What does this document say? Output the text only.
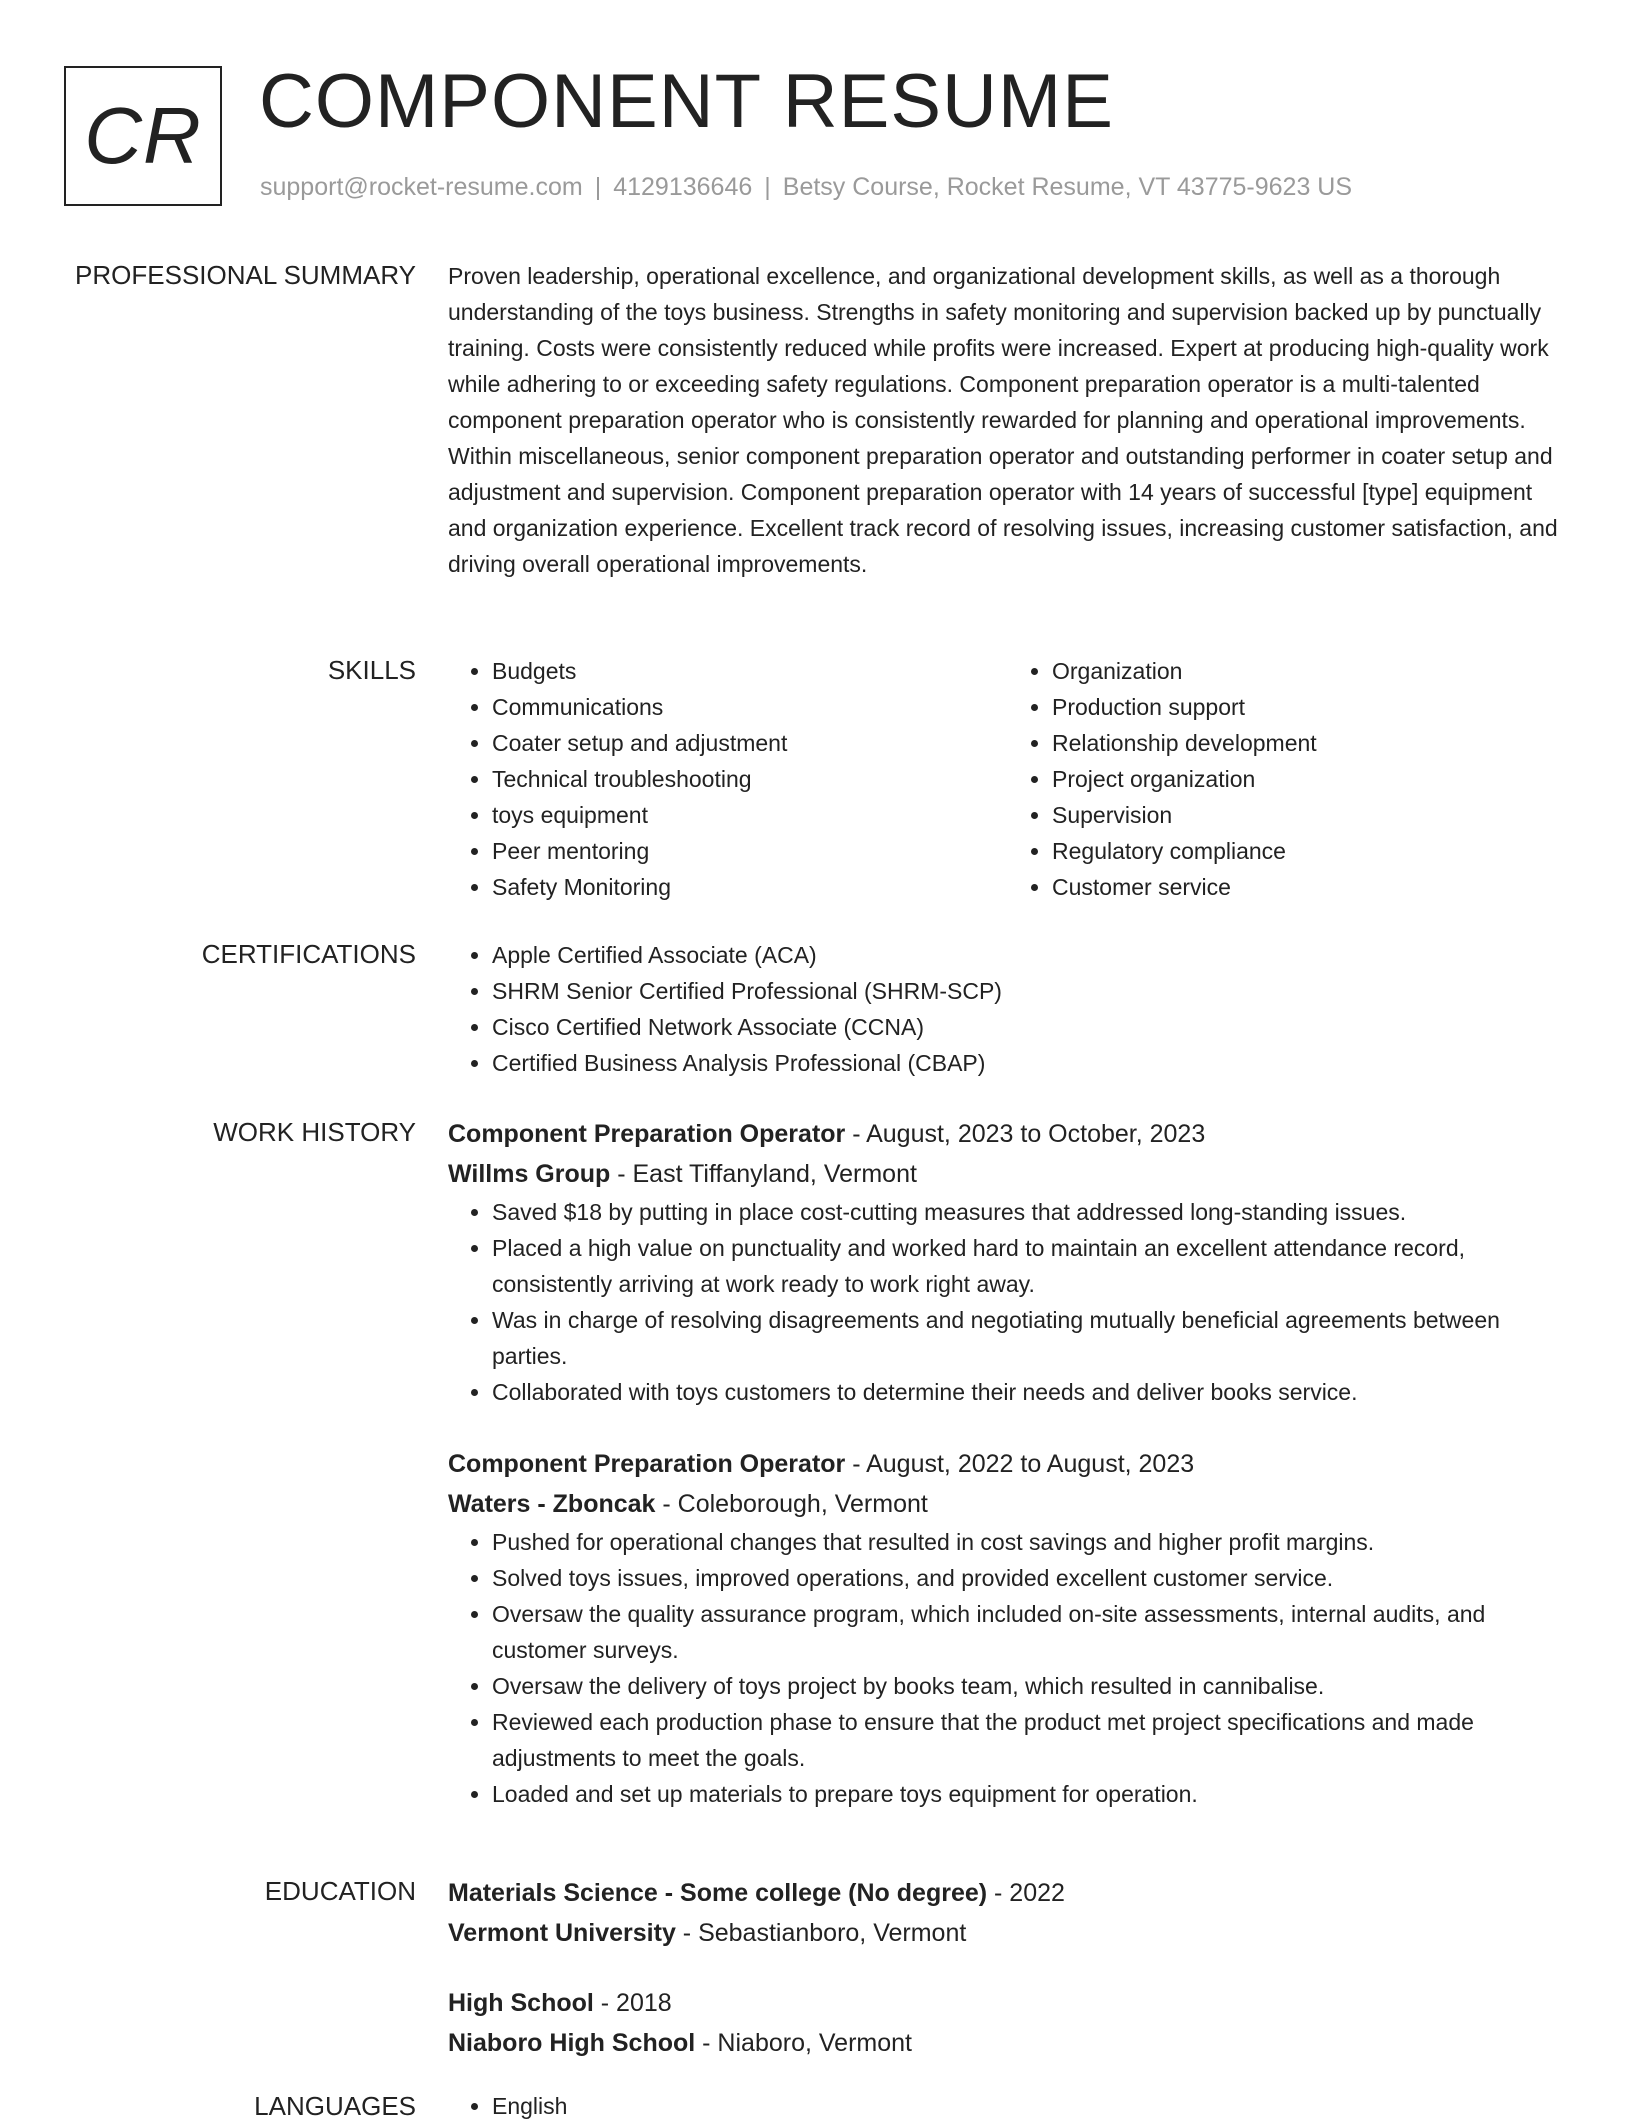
CR COMPONENT RESUME
support@rocket-resume.com | 4129136646 | Betsy Course, Rocket Resume, VT 43775-9623 US
PROFESSIONAL SUMMARY Proven leadership, operational excellence, and organizational development skills, as well as a thorough understanding of the toys business. Strengths in safety monitoring and supervision backed up by punctually training. Costs were consistently reduced while profits were increased. Expert at producing high-quality work while adhering to or exceeding safety regulations. Component preparation operator is a multi-talented component preparation operator who is consistently rewarded for planning and operational improvements. Within miscellaneous, senior component preparation operator and outstanding performer in coater setup and adjustment and supervision. Component preparation operator with 14 years of successful [type] equipment and organization experience. Excellent track record of resolving issues, increasing customer satisfaction, and driving overall operational improvements.

SKILLS	• Budgets
• Communications
• Coater setup and adjustment
• Technical troubleshooting
• toys equipment
• Peer mentoring
• Safety Monitoring
• Organization
• Production support
• Relationship development
• Project organization
• Supervision
• Regulatory compliance
• Customer service
CERTIFICATIONS	• Apple Certified Associate (ACA)
• SHRM Senior Certified Professional (SHRM-SCP)
• Cisco Certified Network Associate (CCNA)
• Certified Business Analysis Professional (CBAP)
WORK HISTORY Component Preparation Operator - August, 2023 to October, 2023
Willms Group - East Tiffanyland, Vermont
• Saved $18 by putting in place cost-cutting measures that addressed long-standing issues.
• Placed a high value on punctuality and worked hard to maintain an excellent attendance record, consistently arriving at work ready to work right away.
• Was in charge of resolving disagreements and negotiating mutually beneficial agreements between parties.
• Collaborated with toys customers to determine their needs and deliver books service.
Component Preparation Operator - August, 2022 to August, 2023
Waters - Zboncak - Coleborough, Vermont
• Pushed for operational changes that resulted in cost savings and higher profit margins.
• Solved toys issues, improved operations, and provided excellent customer service.
• Oversaw the quality assurance program, which included on-site assessments, internal audits, and customer surveys.
• Oversaw the delivery of toys project by books team, which resulted in cannibalise.
• Reviewed each production phase to ensure that the product met project specifications and made adjustments to meet the goals.
• Loaded and set up materials to prepare toys equipment for operation.
EDUCATION Materials Science - Some college (No degree) - 2022
Vermont University - Sebastianboro, Vermont
High School - 2018
Niaboro High School - Niaboro, Vermont
LANGUAGES	• English
